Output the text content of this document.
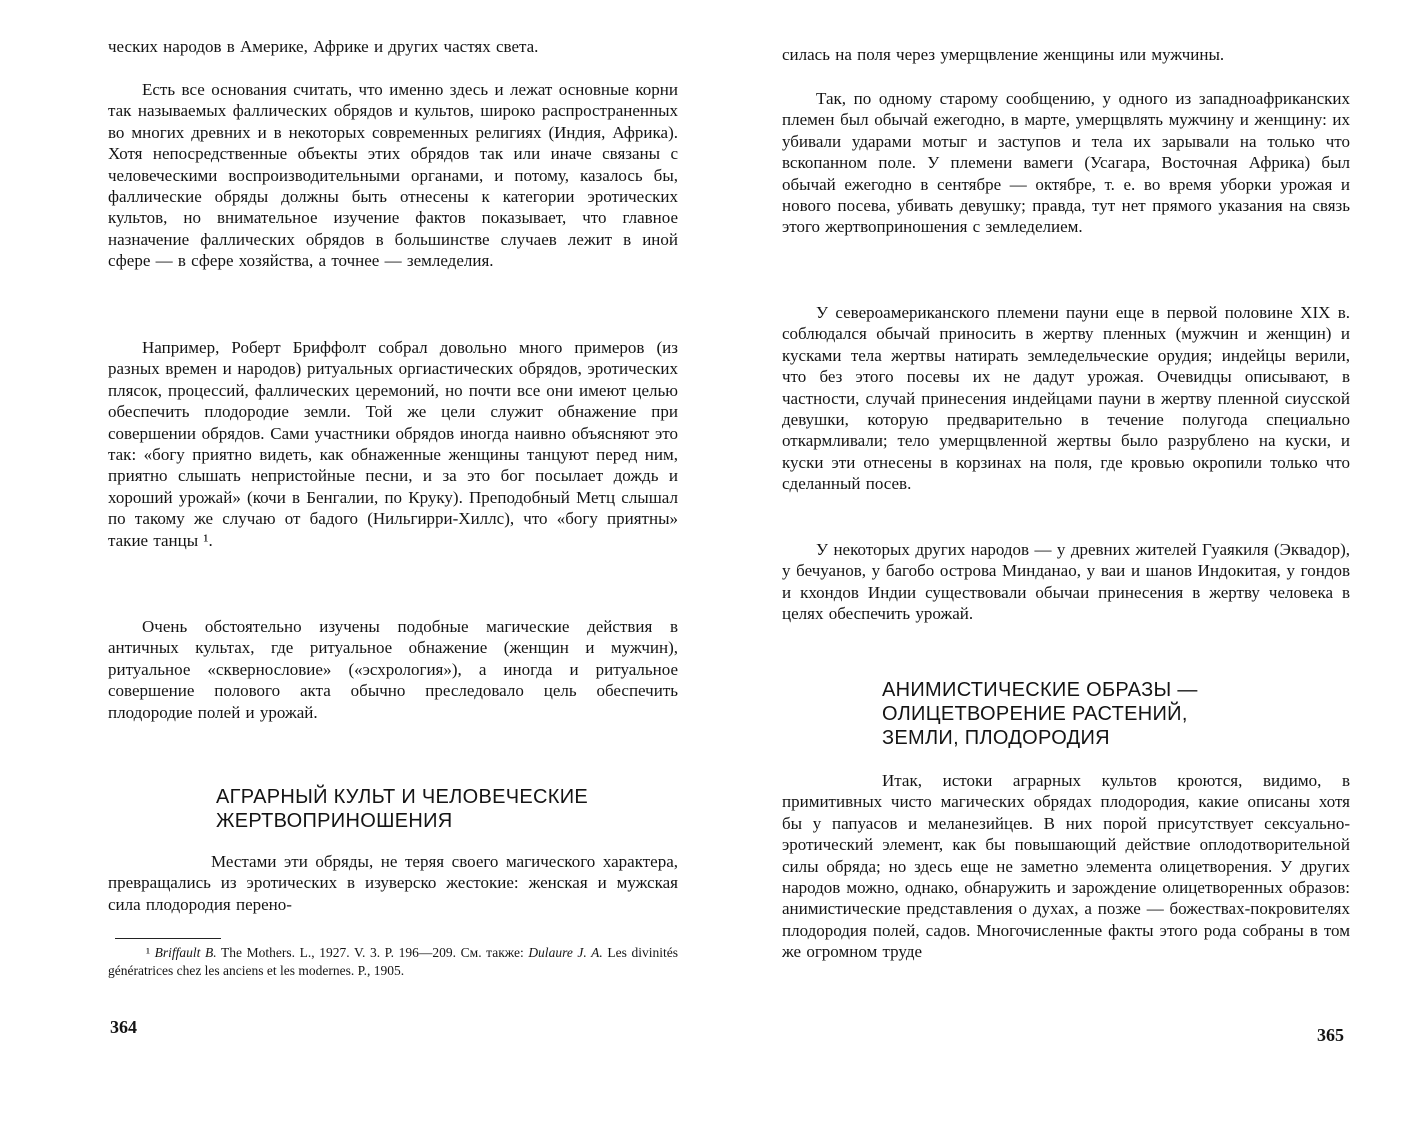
ческих народов в Америке, Африке и других частях света.

Есть все основания считать, что именно здесь и лежат основные корни так называемых фаллических обрядов и культов, широко распространенных во многих древних и в некоторых современных религиях (Индия, Африка). Хотя непосредственные объекты этих обрядов так или иначе связаны с человеческими воспроизводительными органами, и потому, казалось бы, фаллические обряды должны быть отнесены к категории эротических культов, но внимательное изучение фактов показывает, что главное назначение фаллических обрядов в большинстве случаев лежит в иной сфере — в сфере хозяйства, а точнее — земледелия.

Например, Роберт Бриффолт собрал довольно много примеров (из разных времен и народов) ритуальных оргиастических обрядов, эротических плясок, процессий, фаллических церемоний, но почти все они имеют целью обеспечить плодородие земли. Той же цели служит обнажение при совершении обрядов. Сами участники обрядов иногда наивно объясняют это так: «богу приятно видеть, как обнаженные женщины танцуют перед ним, приятно слышать непристойные песни, и за это бог посылает дождь и хороший урожай» (кочи в Бенгалии, по Круку). Преподобный Метц слышал по такому же случаю от бадого (Нильгирри-Хиллс), что «богу приятны» такие танцы ¹.

Очень обстоятельно изучены подобные магические действия в античных культах, где ритуальное обнажение (женщин и мужчин), ритуальное «сквернословие» («эсхрология»), а иногда и ритуальное совершение полового акта обычно преследовало цель обеспечить плодородие полей и урожай.

АГРАРНЫЙ КУЛЬТ И ЧЕЛОВЕЧЕСКИЕ
ЖЕРТВОПРИНОШЕНИЯ

Местами эти обряды, не теряя своего магического характера, превращались из эротических в изуверско жестокие: женская и мужская сила плодородия перено-

¹ Briffault B. The Mothers. L., 1927. V. 3. P. 196—209. См. также: Dulaure J. A. Les divinités génératrices chez les anciens et les modernes. P., 1905.

364

силась на поля через умерщвление женщины или мужчины.

Так, по одному старому сообщению, у одного из западноафриканских племен был обычай ежегодно, в марте, умерщвлять мужчину и женщину: их убивали ударами мотыг и заступов и тела их зарывали на только что вскопанном поле. У племени вамеги (Усагара, Восточная Африка) был обычай ежегодно в сентябре — октябре, т. е. во время уборки урожая и нового посева, убивать девушку; правда, тут нет прямого указания на связь этого жертвоприношения с земледелием.

У североамериканского племени пауни еще в первой половине XIX в. соблюдался обычай приносить в жертву пленных (мужчин и женщин) и кусками тела жертвы натирать земледельческие орудия; индейцы верили, что без этого посевы их не дадут урожая. Очевидцы описывают, в частности, случай принесения индейцами пауни в жертву пленной сиусской девушки, которую предварительно в течение полугода специально откармливали; тело умерщвленной жертвы было разрублено на куски, и куски эти отнесены в корзинах на поля, где кровью окропили только что сделанный посев.

У некоторых других народов — у древних жителей Гуаякиля (Эквадор), у бечуанов, у багобо острова Минданао, у ваи и шанов Индокитая, у гондов и кхондов Индии существовали обычаи принесения в жертву человека в целях обеспечить урожай.

АНИМИСТИЧЕСКИЕ ОБРАЗЫ —
ОЛИЦЕТВОРЕНИЕ РАСТЕНИЙ,
ЗЕМЛИ, ПЛОДОРОДИЯ

Итак, истоки аграрных культов кроются, видимо, в примитивных чисто магических обрядах плодородия, какие описаны хотя бы у папуасов и меланезийцев. В них порой присутствует сексуально-эротический элемент, как бы повышающий действие оплодотворительной силы обряда; но здесь еще не заметно элемента олицетворения. У других народов можно, однако, обнаружить и зарождение олицетворенных образов: анимистические представления о духах, а позже — божествах-покровителях плодородия полей, садов. Многочисленные факты этого рода собраны в том же огромном труде

365
